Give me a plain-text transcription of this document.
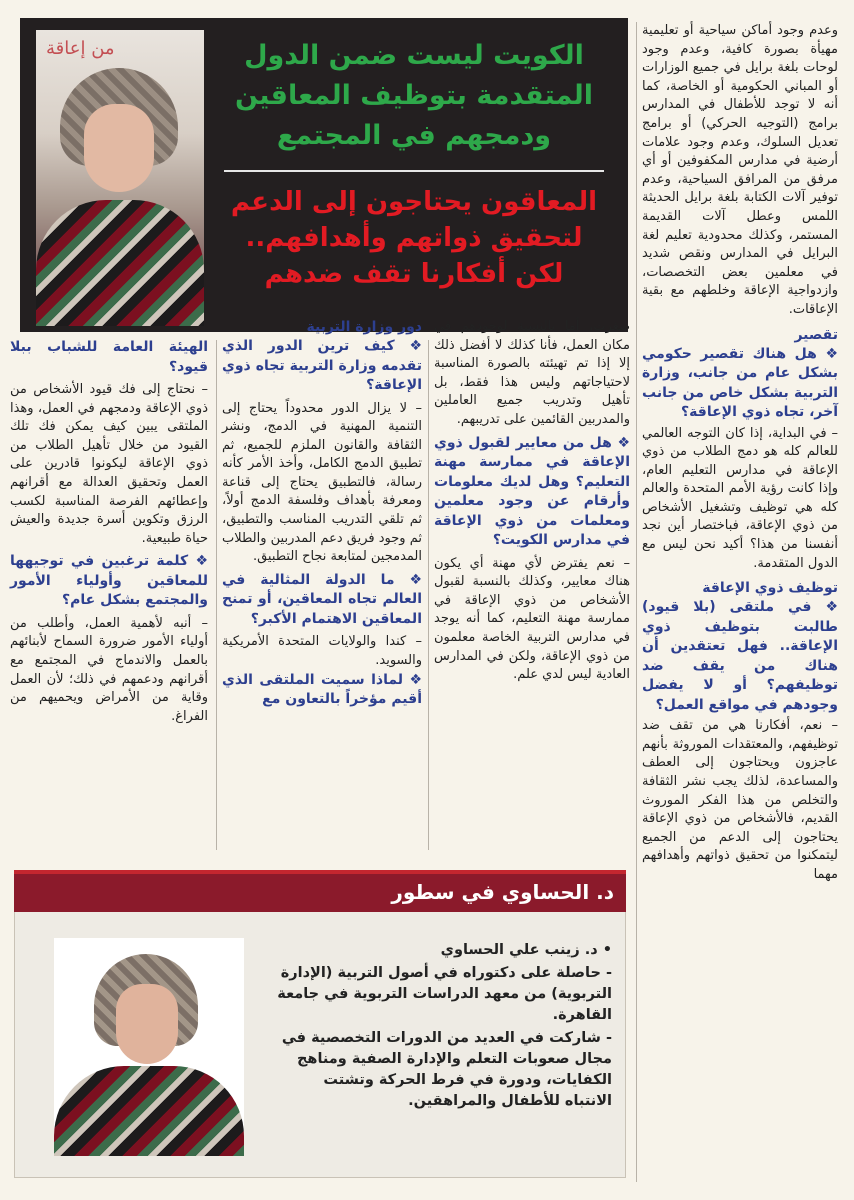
من إعاقة	الكويت ليست ضمن الدول
المتقدمة بتوظيف المعاقين
ودمجهم في المجتمع
المعاقون يحتاجون إلى الدعم
لتحقيق ذواتهم وأهدافهم..
لكن أفكارنا تقف ضدهم

وعدم وجود أماكن سياحية أو تعليمية مهيأة بصورة كافية، وعدم وجود لوحات بلغة برايل في جميع الوزارات أو المباني الحكومية أو الخاصة، كما أنه لا توجد للأطفال في المدارس برامج (التوجيه الحركي) أو برامج تعديل السلوك، وعدم وجود علامات أرضية في مدارس المكفوفين أو أي مرفق من المرافق السياحية، وعدم توفير آلات الكتابة بلغة برايل الحديثة اللمس وعطل آلات القديمة المستمر، وكذلك محدودية تعليم لغة البرايل في المدارس ونقص شديد في معلمين بعض التخصصات، وازدواجية الإعاقة وخلطهم مع بقية الإعاقات.

تقصير

❖ هل هناك تقصير حكومي بشكل عام من جانب، وزارة التربية بشكل خاص من جانب آخر، تجاه ذوي الإعاقة؟

– في البداية، إذا كان التوجه العالمي للعالم كله هو دمج الطلاب من ذوي الإعاقة في مدارس التعليم العام، وإذا كانت رؤية الأمم المتحدة والعالم كله هي توظيف وتشغيل الأشخاص من ذوي الإعاقة، فباختصار أين نجد أنفسنا من هذا؟ أكيد نحن ليس مع الدول المتقدمة.

توظيف ذوي الإعاقة

❖ في ملتقى (بلا قيود) طالبت بتوظيف ذوي الإعاقة.. فهل تعتقدين أن هناك من يقف ضد توظيفهم؟ أو لا يفضل وجودهم في مواقع العمل؟

– نعم، أفكارنا هي من تقف ضد توظيفهم، والمعتقدات الموروثة بأنهم عاجزون ويحتاجون إلى العطف والمساعدة، لذلك يجب نشر الثقافة والتخلص من هذا الفكر الموروث القديم، فالأشخاص من ذوي الإعاقة يحتاجون إلى الدعم من الجميع ليتمكنوا من تحقيق ذواتهم وأهدافهم مهما

صغرت، أما بالنسبة لوجودهم في مكان العمل، فأنا كذلك لا أفضل ذلك إلا إذا تم تهيئته بالصورة المناسبة لاحتياجاتهم وليس هذا فقط، بل تأهيل وتدريب جميع العاملين والمدربين القائمين على تدريبهم.

❖ هل من معايير لقبول ذوي الإعاقة في ممارسة مهنة التعليم؟ وهل لديك معلومات وأرقام عن وجود معلمين ومعلمات من ذوي الإعاقة في مدارس الكويت؟

– نعم يفترض لأي مهنة أي يكون هناك معايير، وكذلك بالنسبة لقبول الأشخاص من ذوي الإعاقة في ممارسة مهنة التعليم، كما أنه يوجد في مدارس التربية الخاصة معلمون من ذوي الإعاقة، ولكن في المدارس العادية ليس لدي علم.

دور وزارة التربية

❖ كيف ترين الدور الذي تقدمه وزارة التربية تجاه ذوي الإعاقة؟

– لا يزال الدور محدوداً يحتاج إلى التنمية المهنية في الدمج، ونشر الثقافة والقانون الملزم للجميع، ثم تطبيق الدمج الكامل، وأخذ الأمر كأنه رسالة، فالتطبيق يحتاج إلى قناعة ومعرفة بأهداف وفلسفة الدمج أولاً، ثم تلقي التدريب المناسب والتطبيق، ثم وجود فريق دعم المدربين والطلاب المدمجين لمتابعة نجاح التطبيق.

❖ ما الدولة المثالية في العالم تجاه المعاقين، أو تمنح المعاقين الاهتمام الأكبر؟

– كندا والولايات المتحدة الأمريكية والسويد.

❖ لماذا سميت الملتقى الذي أقيم مؤخراً بالتعاون مع

الهيئة العامة للشباب ببلا قيود؟

– نحتاج إلى فك قيود الأشخاص من ذوي الإعاقة ودمجهم في العمل، وهذا الملتقى يبين كيف يمكن فك تلك القيود من خلال تأهيل الطلاب من ذوي الإعاقة ليكونوا قادرين على العمل وتحقيق العدالة مع أقرانهم وإعطائهم الفرصة المناسبة لكسب الرزق وتكوين أسرة جديدة والعيش حياة طبيعية.

❖ كلمة ترغبين في توجيهها للمعاقين وأولياء الأمور والمجتمع بشكل عام؟

– أنبه لأهمية العمل، وأطلب من أولياء الأمور ضرورة السماح لأبنائهم بالعمل والاندماج في المجتمع مع أقرانهم ودعمهم في ذلك؛ لأن العمل وقاية من الأمراض ويحميهم من الفراغ.

د. الحساوي في سطور
• د. زينب علي الحساوي
- حاصلة على دكتوراه في أصول التربية (الإدارة التربوية) من معهد الدراسات التربوية في جامعة القاهرة.
- شاركت في العديد من الدورات التخصصية في مجال صعوبات التعلم والإدارة الصفية ومناهج الكفايات، ودورة في فرط الحركة وتشتت الانتباه للأطفال والمراهقين.
